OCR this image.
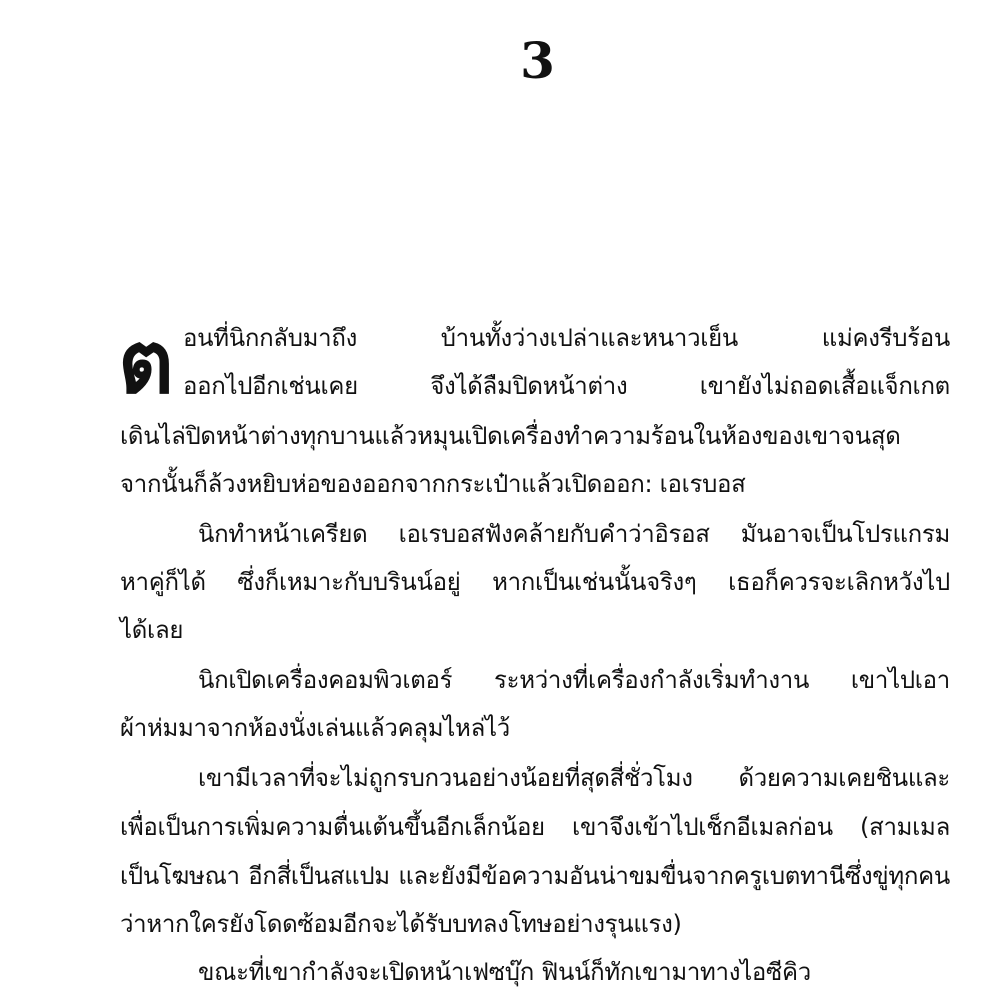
3
ต อนที่นิกกลับมาถึง	บ้านทั้งว่างเปล่าและหนาวเย็น	แม่คงรีบร้อน
ออกไปอีกเช่นเคย	จึงได้ลืมปิดหน้าต่าง	เขายังไม่ถอดเสื้อแจ็กเกต
เดินไล่ปิดหน้าต่างทุกบานแล้วหมุนเปิดเครื่องทำความร้อนในห้องของเขาจนสุด
จากนั้นก็ล้วงหยิบห่อของออกจากกระเป๋าแล้วเปิดออก: เอเรบอส
นิกทำหน้าเครียด เอเรบอสฟังคล้ายกับคำว่าอิรอส มันอาจเป็นโปรแกรม
หาคู่ก็ได้ ซึ่งก็เหมาะกับบรินน์อยู่ หากเป็นเช่นนั้นจริงๆ เธอก็ควรจะเลิกหวังไป
ได้เลย
นิกเปิดเครื่องคอมพิวเตอร์ ระหว่างที่เครื่องกำลังเริ่มทำงาน เขาไปเอา
ผ้าห่มมาจากห้องนั่งเล่นแล้วคลุมไหล่ไว้
เขามีเวลาที่จะไม่ถูกรบกวนอย่างน้อยที่สุดสี่ชั่วโมง ด้วยความเคยชินและ
เพื่อเป็นการเพิ่มความตื่นเต้นขึ้นอีกเล็กน้อย เขาจึงเข้าไปเช็กอีเมลก่อน (สามเมล
เป็นโฆษณา อีกสี่เป็นสแปม และยังมีข้อความอันน่าขมขื่นจากครูเบตทานีซึ่งขู่ทุกคน
ว่าหากใครยังโดดซ้อมอีกจะได้รับบทลงโทษอย่างรุนแรง)
ขณะที่เขากำลังจะเปิดหน้าเฟซบุ๊ก ฟินน์ก็ทักเขามาทางไอซีคิว
